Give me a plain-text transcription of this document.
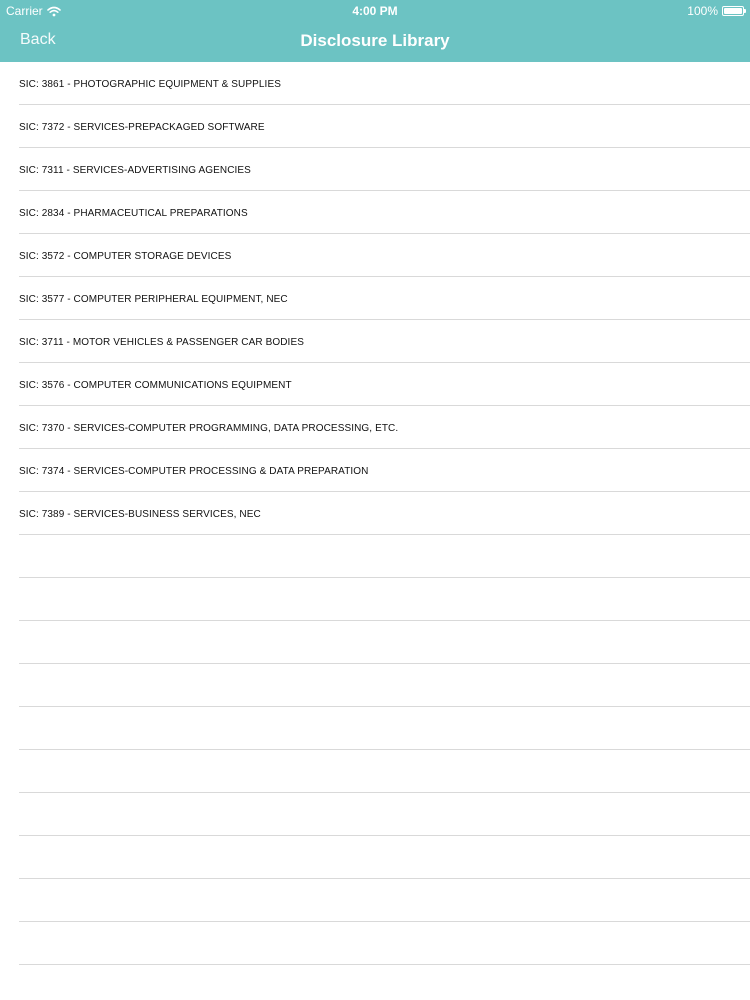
Carrier	4:00 PM	100%
Back	Disclosure Library
SIC: 3861 - PHOTOGRAPHIC EQUIPMENT & SUPPLIES
SIC: 7372 - SERVICES-PREPACKAGED SOFTWARE
SIC: 7311 - SERVICES-ADVERTISING AGENCIES
SIC: 2834 - PHARMACEUTICAL PREPARATIONS
SIC: 3572 - COMPUTER STORAGE DEVICES
SIC: 3577 - COMPUTER PERIPHERAL EQUIPMENT, NEC
SIC: 3711 - MOTOR VEHICLES & PASSENGER CAR BODIES
SIC: 3576 - COMPUTER COMMUNICATIONS EQUIPMENT
SIC: 7370 - SERVICES-COMPUTER PROGRAMMING, DATA PROCESSING, ETC.
SIC: 7374 - SERVICES-COMPUTER PROCESSING & DATA PREPARATION
SIC: 7389 - SERVICES-BUSINESS SERVICES, NEC
